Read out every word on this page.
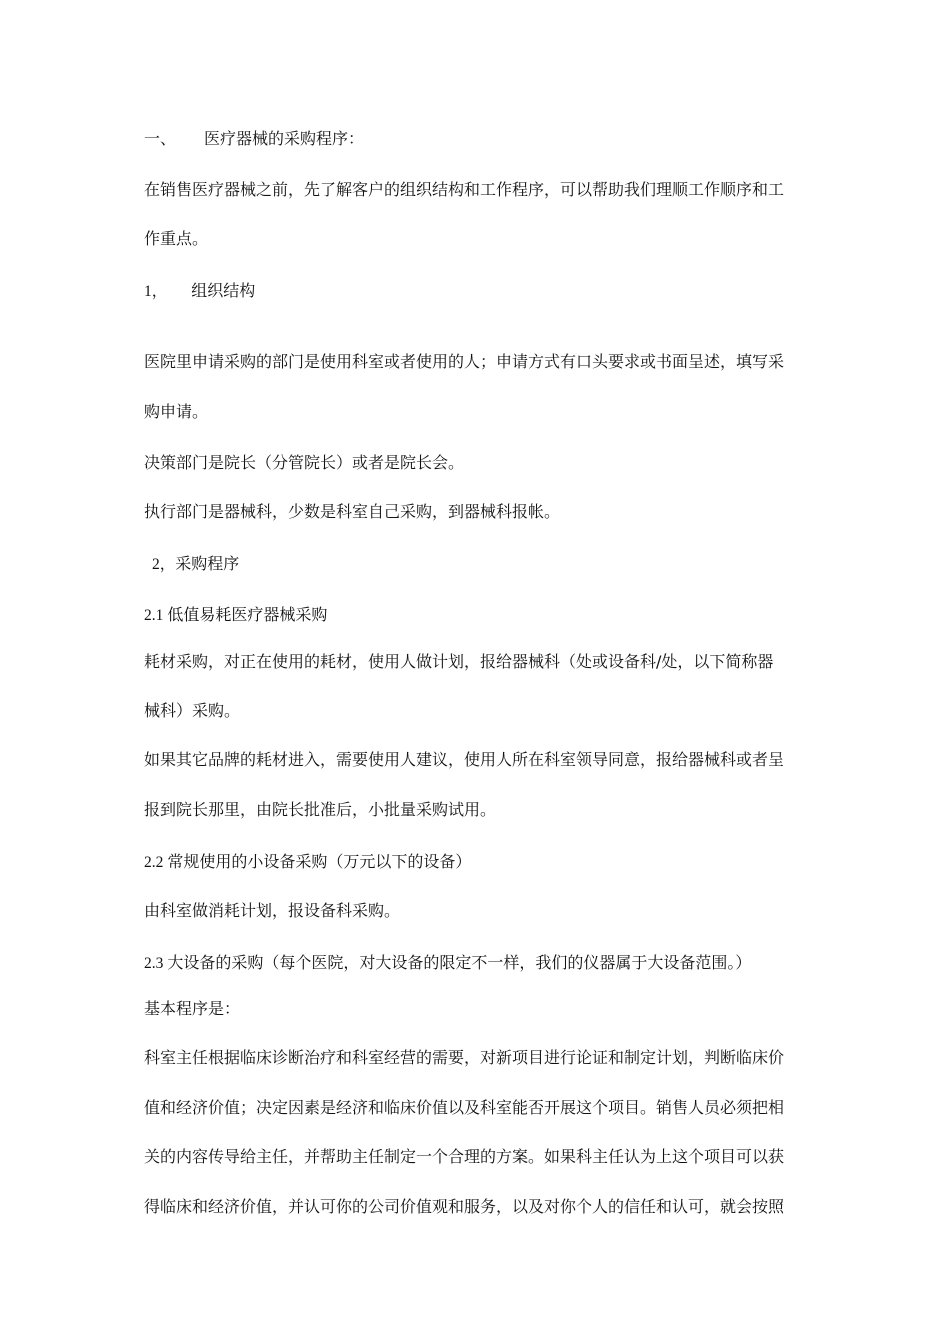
一、 医疗器械的采购程序：
在销售医疗器械之前，先了解客户的组织结构和工作程序，可以帮助我们理顺工作顺序和工
作重点。
1， 组织结构
医院里申请采购的部门是使用科室或者使用的人；申请方式有口头要求或书面呈述，填写采
购申请。
决策部门是院长（分管院长）或者是院长会。
执行部门是器械科，少数是科室自己采购，到器械科报帐。
2，采购程序
2.1 低值易耗医疗器械采购
耗材采购，对正在使用的耗材，使用人做计划，报给器械科（处或设备科/处，以下简称器
械科）采购。
如果其它品牌的耗材进入，需要使用人建议，使用人所在科室领导同意，报给器械科或者呈
报到院长那里，由院长批准后，小批量采购试用。
2.2 常规使用的小设备采购（万元以下的设备）
由科室做消耗计划，报设备科采购。
2.3 大设备的采购（每个医院，对大设备的限定不一样，我们的仪器属于大设备范围。）
基本程序是：
科室主任根据临床诊断治疗和科室经营的需要，对新项目进行论证和制定计划，判断临床价
值和经济价值；决定因素是经济和临床价值以及科室能否开展这个项目。销售人员必须把相
关的内容传导给主任，并帮助主任制定一个合理的方案。如果科主任认为上这个项目可以获
得临床和经济价值，并认可你的公司价值观和服务，以及对你个人的信任和认可，就会按照
